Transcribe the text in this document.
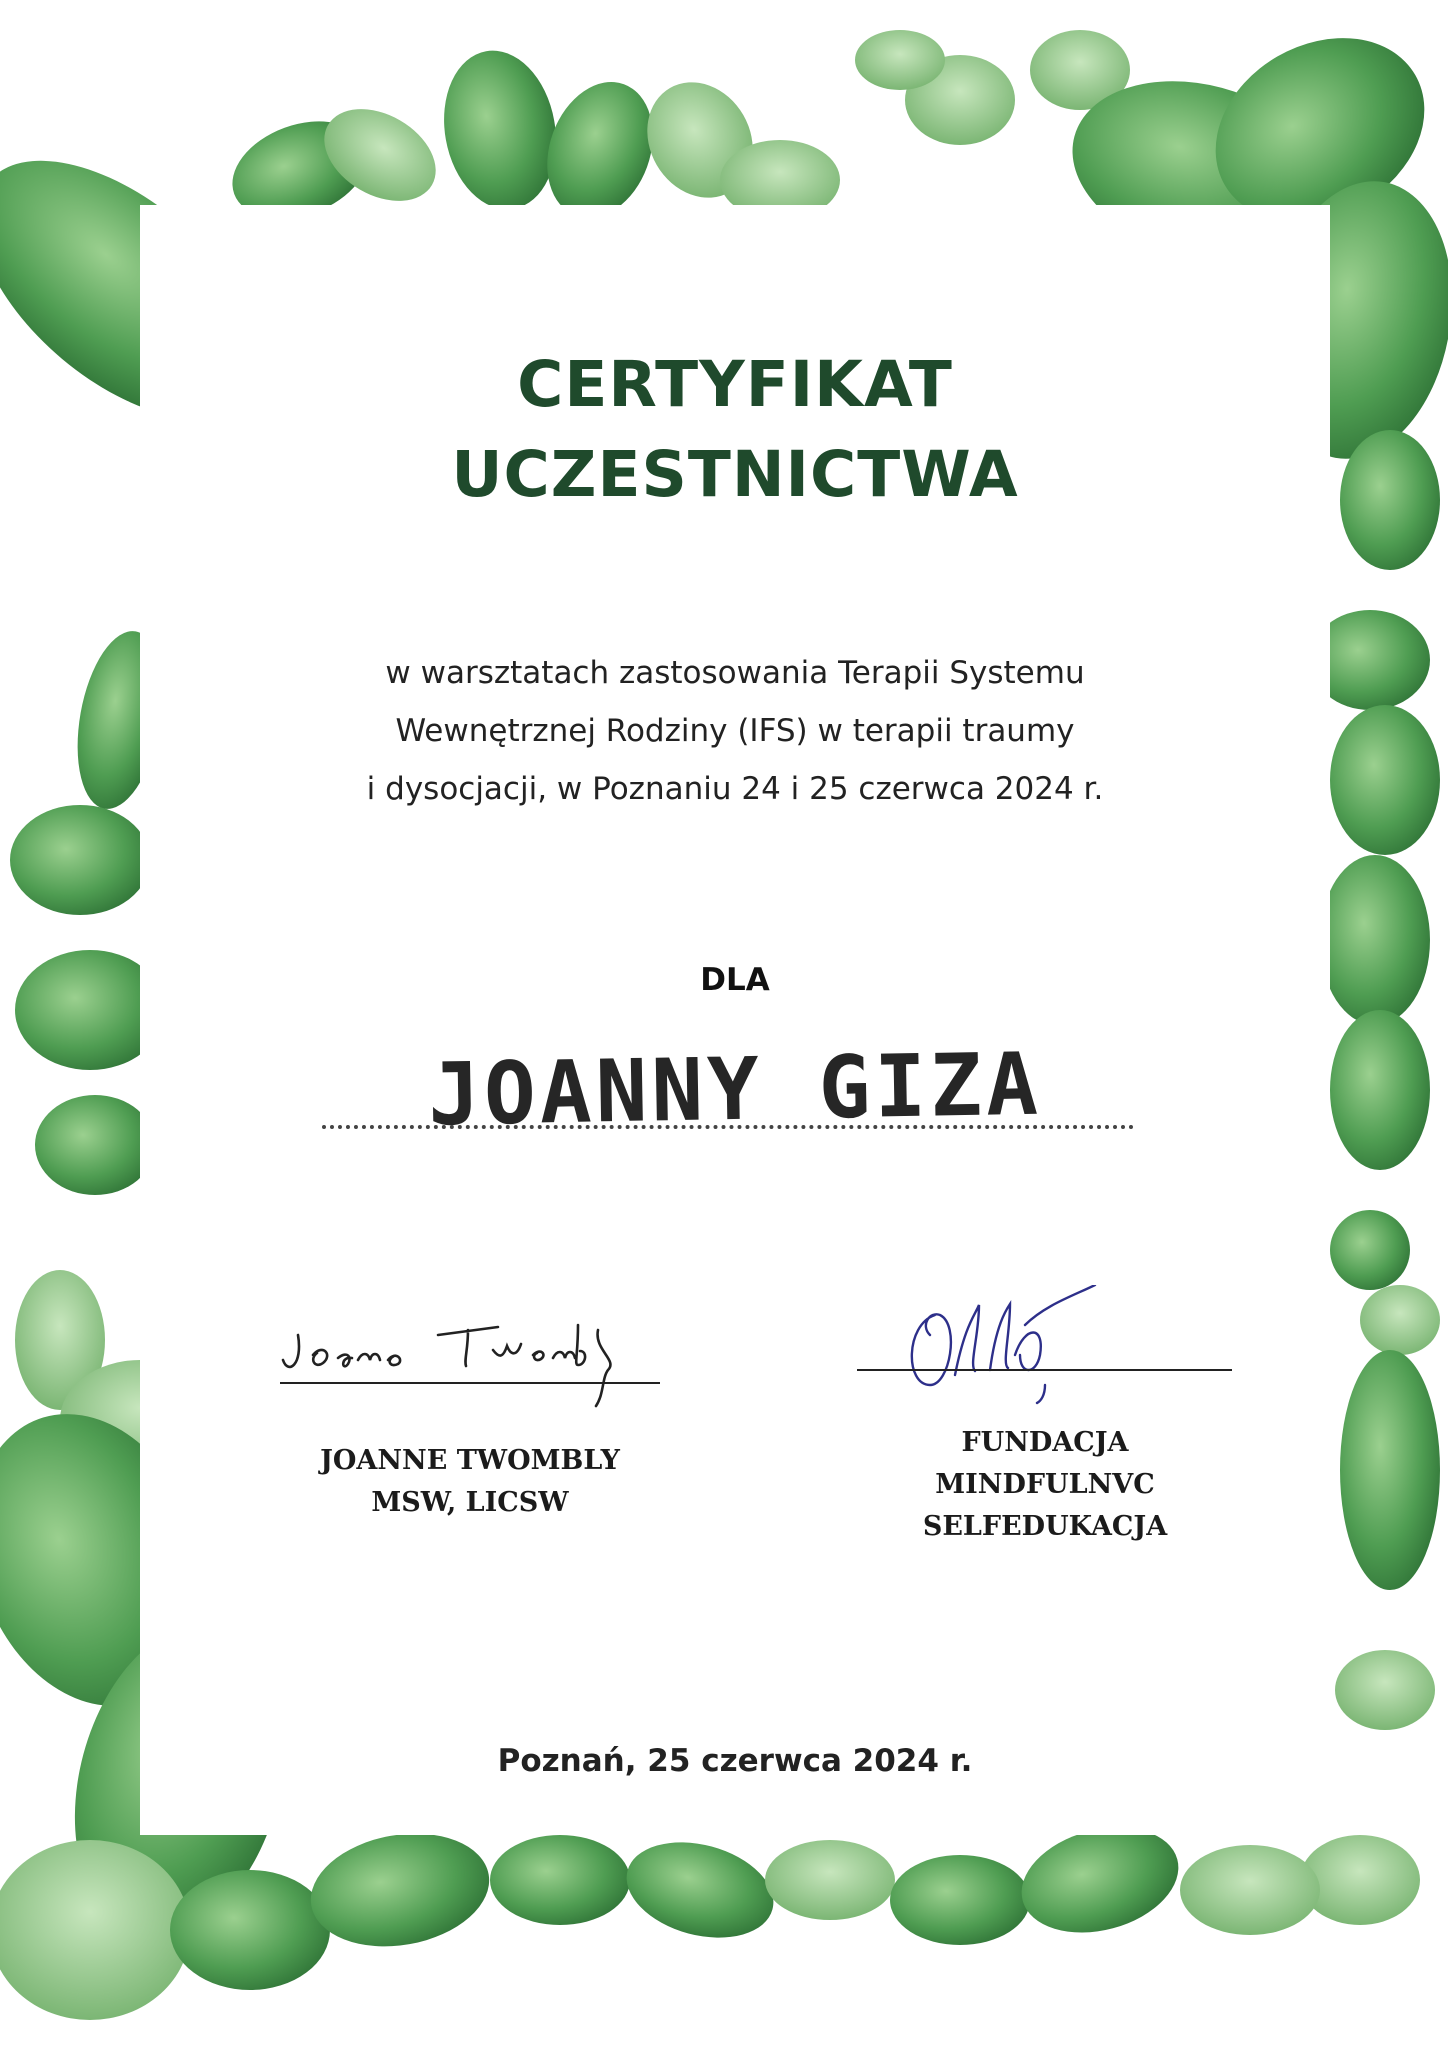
CERTYFIKAT
UCZESTNICTWA
w warsztatach zastosowania Terapii Systemu
Wewnętrznej Rodziny (IFS) w terapii traumy
i dysocjacji, w Poznaniu 24 i 25 czerwca 2024 r.
DLA
JOANNY GIZA
JOANNE TWOMBLY
MSW, LICSW
FUNDACJA
MINDFULNVC
SELFEDUKACJA
Poznań, 25 czerwca 2024 r.
